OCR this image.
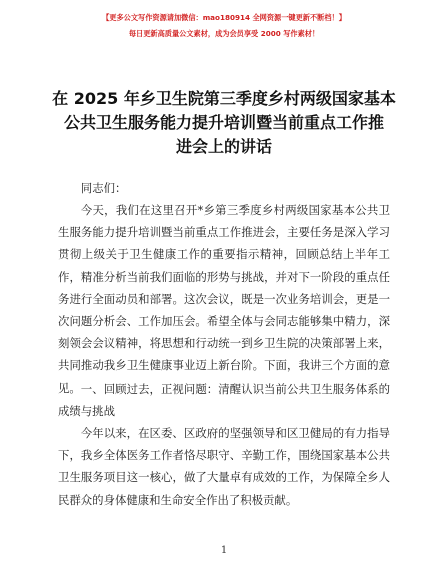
【更多公文写作资源请加微信：mao180914 全网资源一键更新不断档！】
每日更新高质量公文素材，成为会员享受 2000 写作素材！
在 2025 年乡卫生院第三季度乡村两级国家基本
公共卫生服务能力提升培训暨当前重点工作推
进会上的讲话

同志们：

今天，我们在这里召开*乡第三季度乡村两级国家基本公共卫生服务能力提升培训暨当前重点工作推进会，主要任务是深入学习贯彻上级关于卫生健康工作的重要指示精神，回顾总结上半年工作，精准分析当前我们面临的形势与挑战，并对下一阶段的重点任务进行全面动员和部署。这次会议，既是一次业务培训会，更是一次问题分析会、工作加压会。希望全体与会同志能够集中精力，深刻领会会议精神，将思想和行动统一到乡卫生院的决策部署上来，共同推动我乡卫生健康事业迈上新台阶。下面，我讲三个方面的意见。 一、回顾过去，正视问题：清醒认识当前公共卫生服务体系的成绩与挑战

今年以来，在区委、区政府的坚强领导和区卫健局的有力指导下，我乡全体医务工作者恪尽职守、辛勤工作，围绕国家基本公共卫生服务项目这一核心，做了大量卓有成效的工作，为保障全乡人民群众的身体健康和生命安全作出了积极贡献。

1
